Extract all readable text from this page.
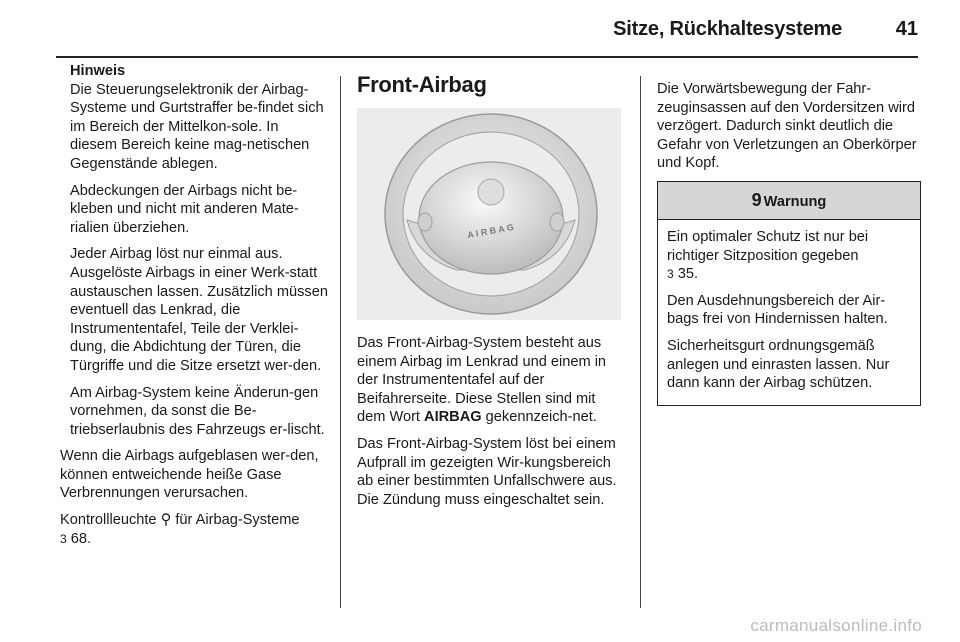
Sitze, Rückhaltesysteme	41

Hinweis
Die Steuerungselektronik der Airbag-Systeme und Gurtstraffer be-findet sich im Bereich der Mittelkon-sole. In diesem Bereich keine mag-netischen Gegenstände ablegen.

Abdeckungen der Airbags nicht be-kleben und nicht mit anderen Mate-rialien überziehen.

Jeder Airbag löst nur einmal aus. Ausgelöste Airbags in einer Werk-statt austauschen lassen. Zusätzlich müssen eventuell das Lenkrad, die Instrumententafel, Teile der Verklei-dung, die Abdichtung der Türen, die Türgriffe und die Sitze ersetzt wer-den.

Am Airbag-System keine Änderun-gen vornehmen, da sonst die Be-triebserlaubnis des Fahrzeugs er-lischt.

Wenn die Airbags aufgeblasen wer-den, können entweichende heiße Gase Verbrennungen verursachen.

Kontrollleuchte ⚲ für Airbag-Systeme
3 68.

Front-Airbag
A I R B A G

Das Front-Airbag-System besteht aus einem Airbag im Lenkrad und einem in der Instrumententafel auf der Beifahrerseite. Diese Stellen sind mit dem Wort AIRBAG gekennzeich-net.

Das Front-Airbag-System löst bei einem Aufprall im gezeigten Wir-kungsbereich ab einer bestimmten Unfallschwere aus. Die Zündung muss eingeschaltet sein.

Die Vorwärtsbewegung der Fahr-zeuginsassen auf den Vordersitzen wird verzögert. Dadurch sinkt deutlich die Gefahr von Verletzungen an Oberkörper und Kopf.

9 Warnung

Ein optimaler Schutz ist nur bei richtiger Sitzposition gegeben
3 35.

Den Ausdehnungsbereich der Air-bags frei von Hindernissen halten.

Sicherheitsgurt ordnungsgemäß anlegen und einrasten lassen. Nur dann kann der Airbag schützen.

carmanualsonline.info
